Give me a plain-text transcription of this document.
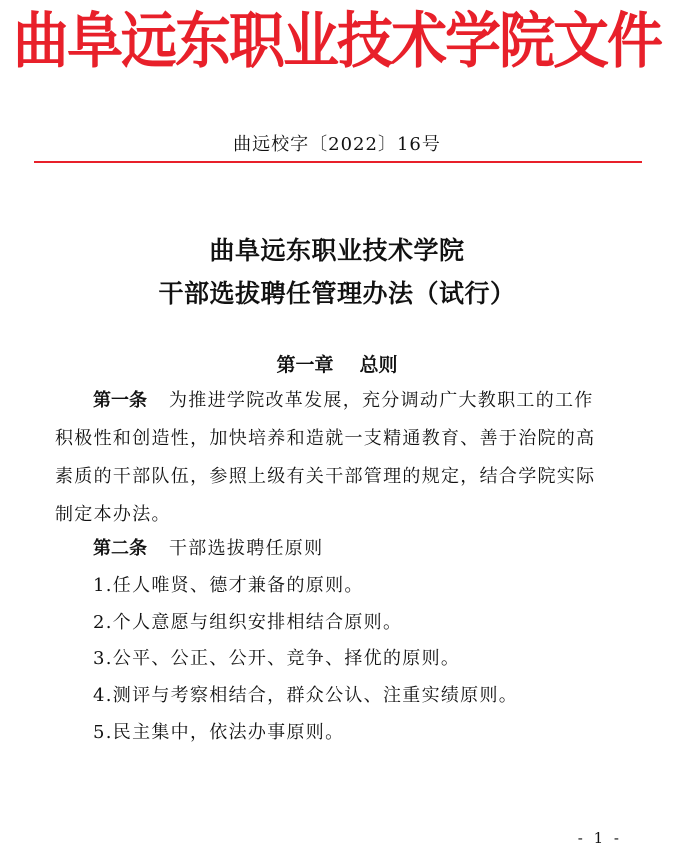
曲阜远东职业技术学院文件
曲远校字〔2022〕16号
曲阜远东职业技术学院
干部选拔聘任管理办法（试行）
第一章 总则
第一条 为推进学院改革发展，充分调动广大教职工的工作
积极性和创造性，加快培养和造就一支精通教育、善于治院的高
素质的干部队伍，参照上级有关干部管理的规定，结合学院实际
制定本办法。
第二条 干部选拔聘任原则
1.任人唯贤、德才兼备的原则。
2.个人意愿与组织安排相结合原则。
3.公平、公正、公开、竞争、择优的原则。
4.测评与考察相结合，群众公认、注重实绩原则。
5.民主集中，依法办事原则。
- 1 -
